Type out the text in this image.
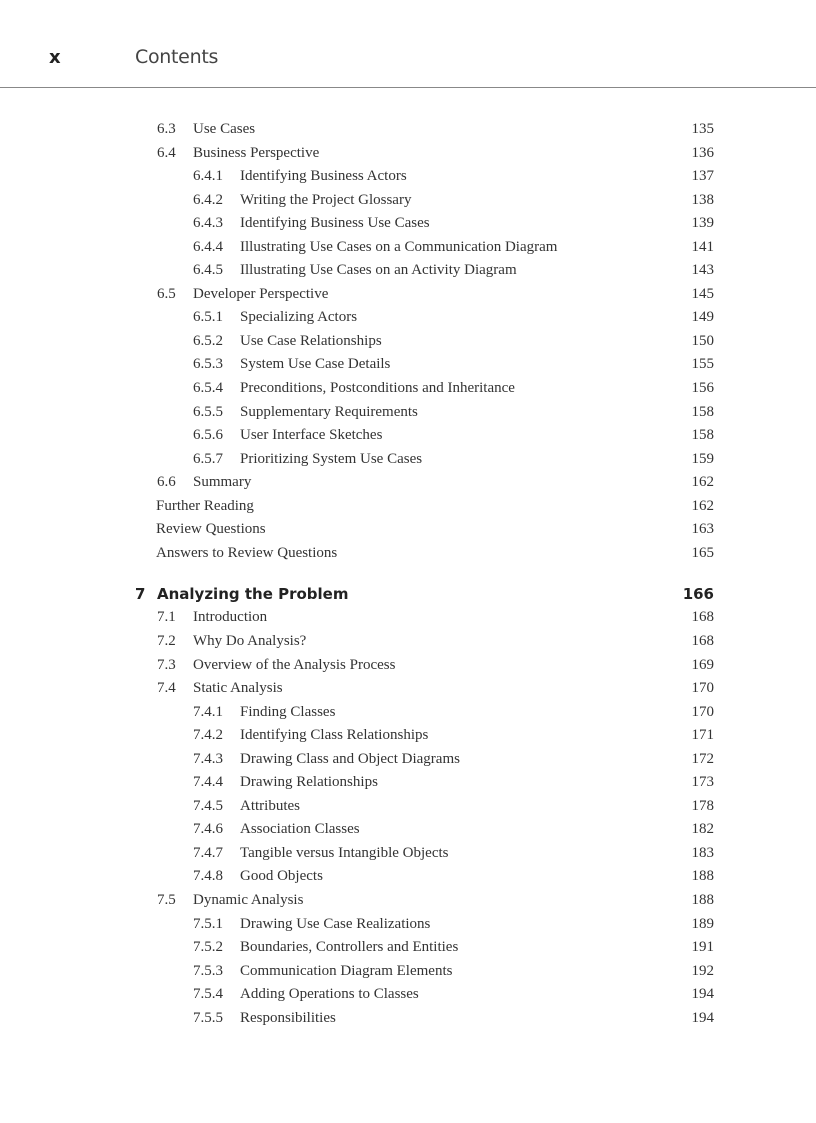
x	Contents
6.3 Use Cases	135
6.4 Business Perspective	136
6.4.1 Identifying Business Actors	137
6.4.2 Writing the Project Glossary	138
6.4.3 Identifying Business Use Cases	139
6.4.4 Illustrating Use Cases on a Communication Diagram	141
6.4.5 Illustrating Use Cases on an Activity Diagram	143
6.5 Developer Perspective	145
6.5.1 Specializing Actors	149
6.5.2 Use Case Relationships	150
6.5.3 System Use Case Details	155
6.5.4 Preconditions, Postconditions and Inheritance	156
6.5.5 Supplementary Requirements	158
6.5.6 User Interface Sketches	158
6.5.7 Prioritizing System Use Cases	159
6.6 Summary	162
Further Reading	162
Review Questions	163
Answers to Review Questions	165
7 Analyzing the Problem	166
7.1 Introduction	168
7.2 Why Do Analysis?	168
7.3 Overview of the Analysis Process	169
7.4 Static Analysis	170
7.4.1 Finding Classes	170
7.4.2 Identifying Class Relationships	171
7.4.3 Drawing Class and Object Diagrams	172
7.4.4 Drawing Relationships	173
7.4.5 Attributes	178
7.4.6 Association Classes	182
7.4.7 Tangible versus Intangible Objects	183
7.4.8 Good Objects	188
7.5 Dynamic Analysis	188
7.5.1 Drawing Use Case Realizations	189
7.5.2 Boundaries, Controllers and Entities	191
7.5.3 Communication Diagram Elements	192
7.5.4 Adding Operations to Classes	194
7.5.5 Responsibilities	194
